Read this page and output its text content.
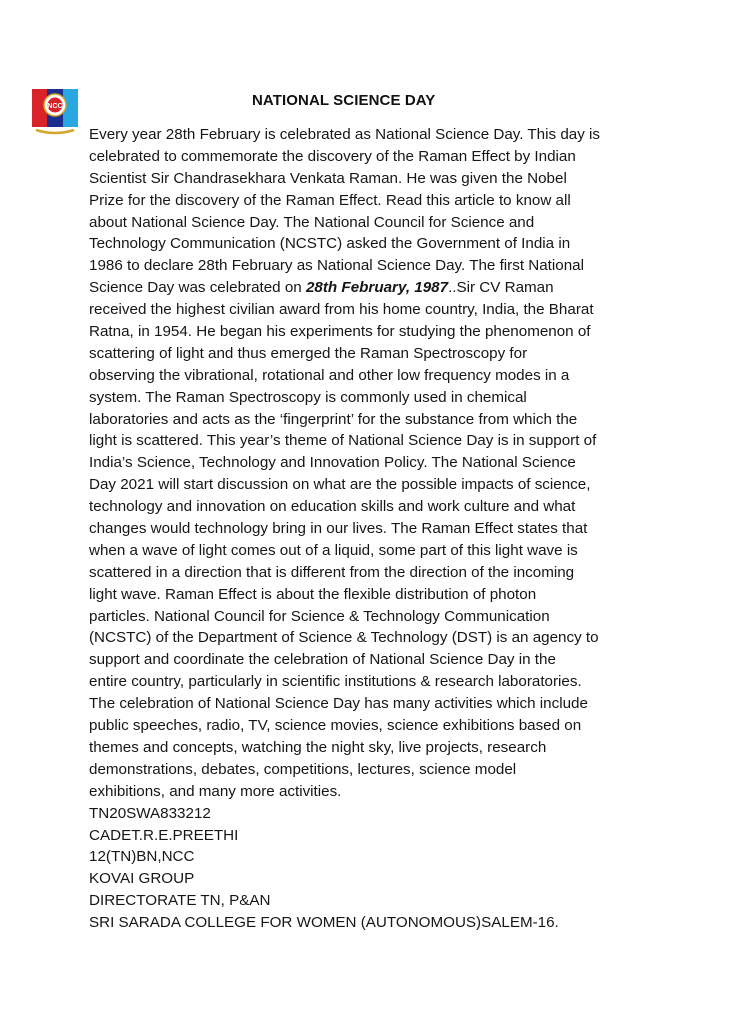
NCC	NATIONAL SCIENCE DAY
Every year 28th February is celebrated as National Science Day. This day is
celebrated to commemorate the discovery of the Raman Effect by Indian
Scientist Sir Chandrasekhara Venkata Raman. He was given the Nobel
Prize for the discovery of the Raman Effect. Read this article to know all
about National Science Day. The National Council for Science and
Technology Communication (NCSTC) asked the Government of India in
1986 to declare 28th February as National Science Day. The first National
Science Day was celebrated on 28th February, 1987..Sir CV Raman
received the highest civilian award from his home country, India, the Bharat
Ratna, in 1954. He began his experiments for studying the phenomenon of
scattering of light and thus emerged the Raman Spectroscopy for
observing the vibrational, rotational and other low frequency modes in a
system. The Raman Spectroscopy is commonly used in chemical
laboratories and acts as the ‘fingerprint’ for the substance from which the
light is scattered. This year’s theme of National Science Day is in support of
India’s Science, Technology and Innovation Policy. The National Science
Day 2021 will start discussion on what are the possible impacts of science,
technology and innovation on education skills and work culture and what
changes would technology bring in our lives. The Raman Effect states that
when a wave of light comes out of a liquid, some part of this light wave is
scattered in a direction that is different from the direction of the incoming
light wave. Raman Effect is about the flexible distribution of photon
particles. National Council for Science & Technology Communication
(NCSTC) of the Department of Science & Technology (DST) is an agency to
support and coordinate the celebration of National Science Day in the
entire country, particularly in scientific institutions & research laboratories.
The celebration of National Science Day has many activities which include
public speeches, radio, TV, science movies, science exhibitions based on
themes and concepts, watching the night sky, live projects, research
demonstrations, debates, competitions, lectures, science model
exhibitions, and many more activities.
TN20SWA833212
CADET.R.E.PREETHI
12(TN)BN,NCC
KOVAI GROUP
DIRECTORATE TN, P&AN
SRI SARADA COLLEGE FOR WOMEN (AUTONOMOUS)SALEM-16.
